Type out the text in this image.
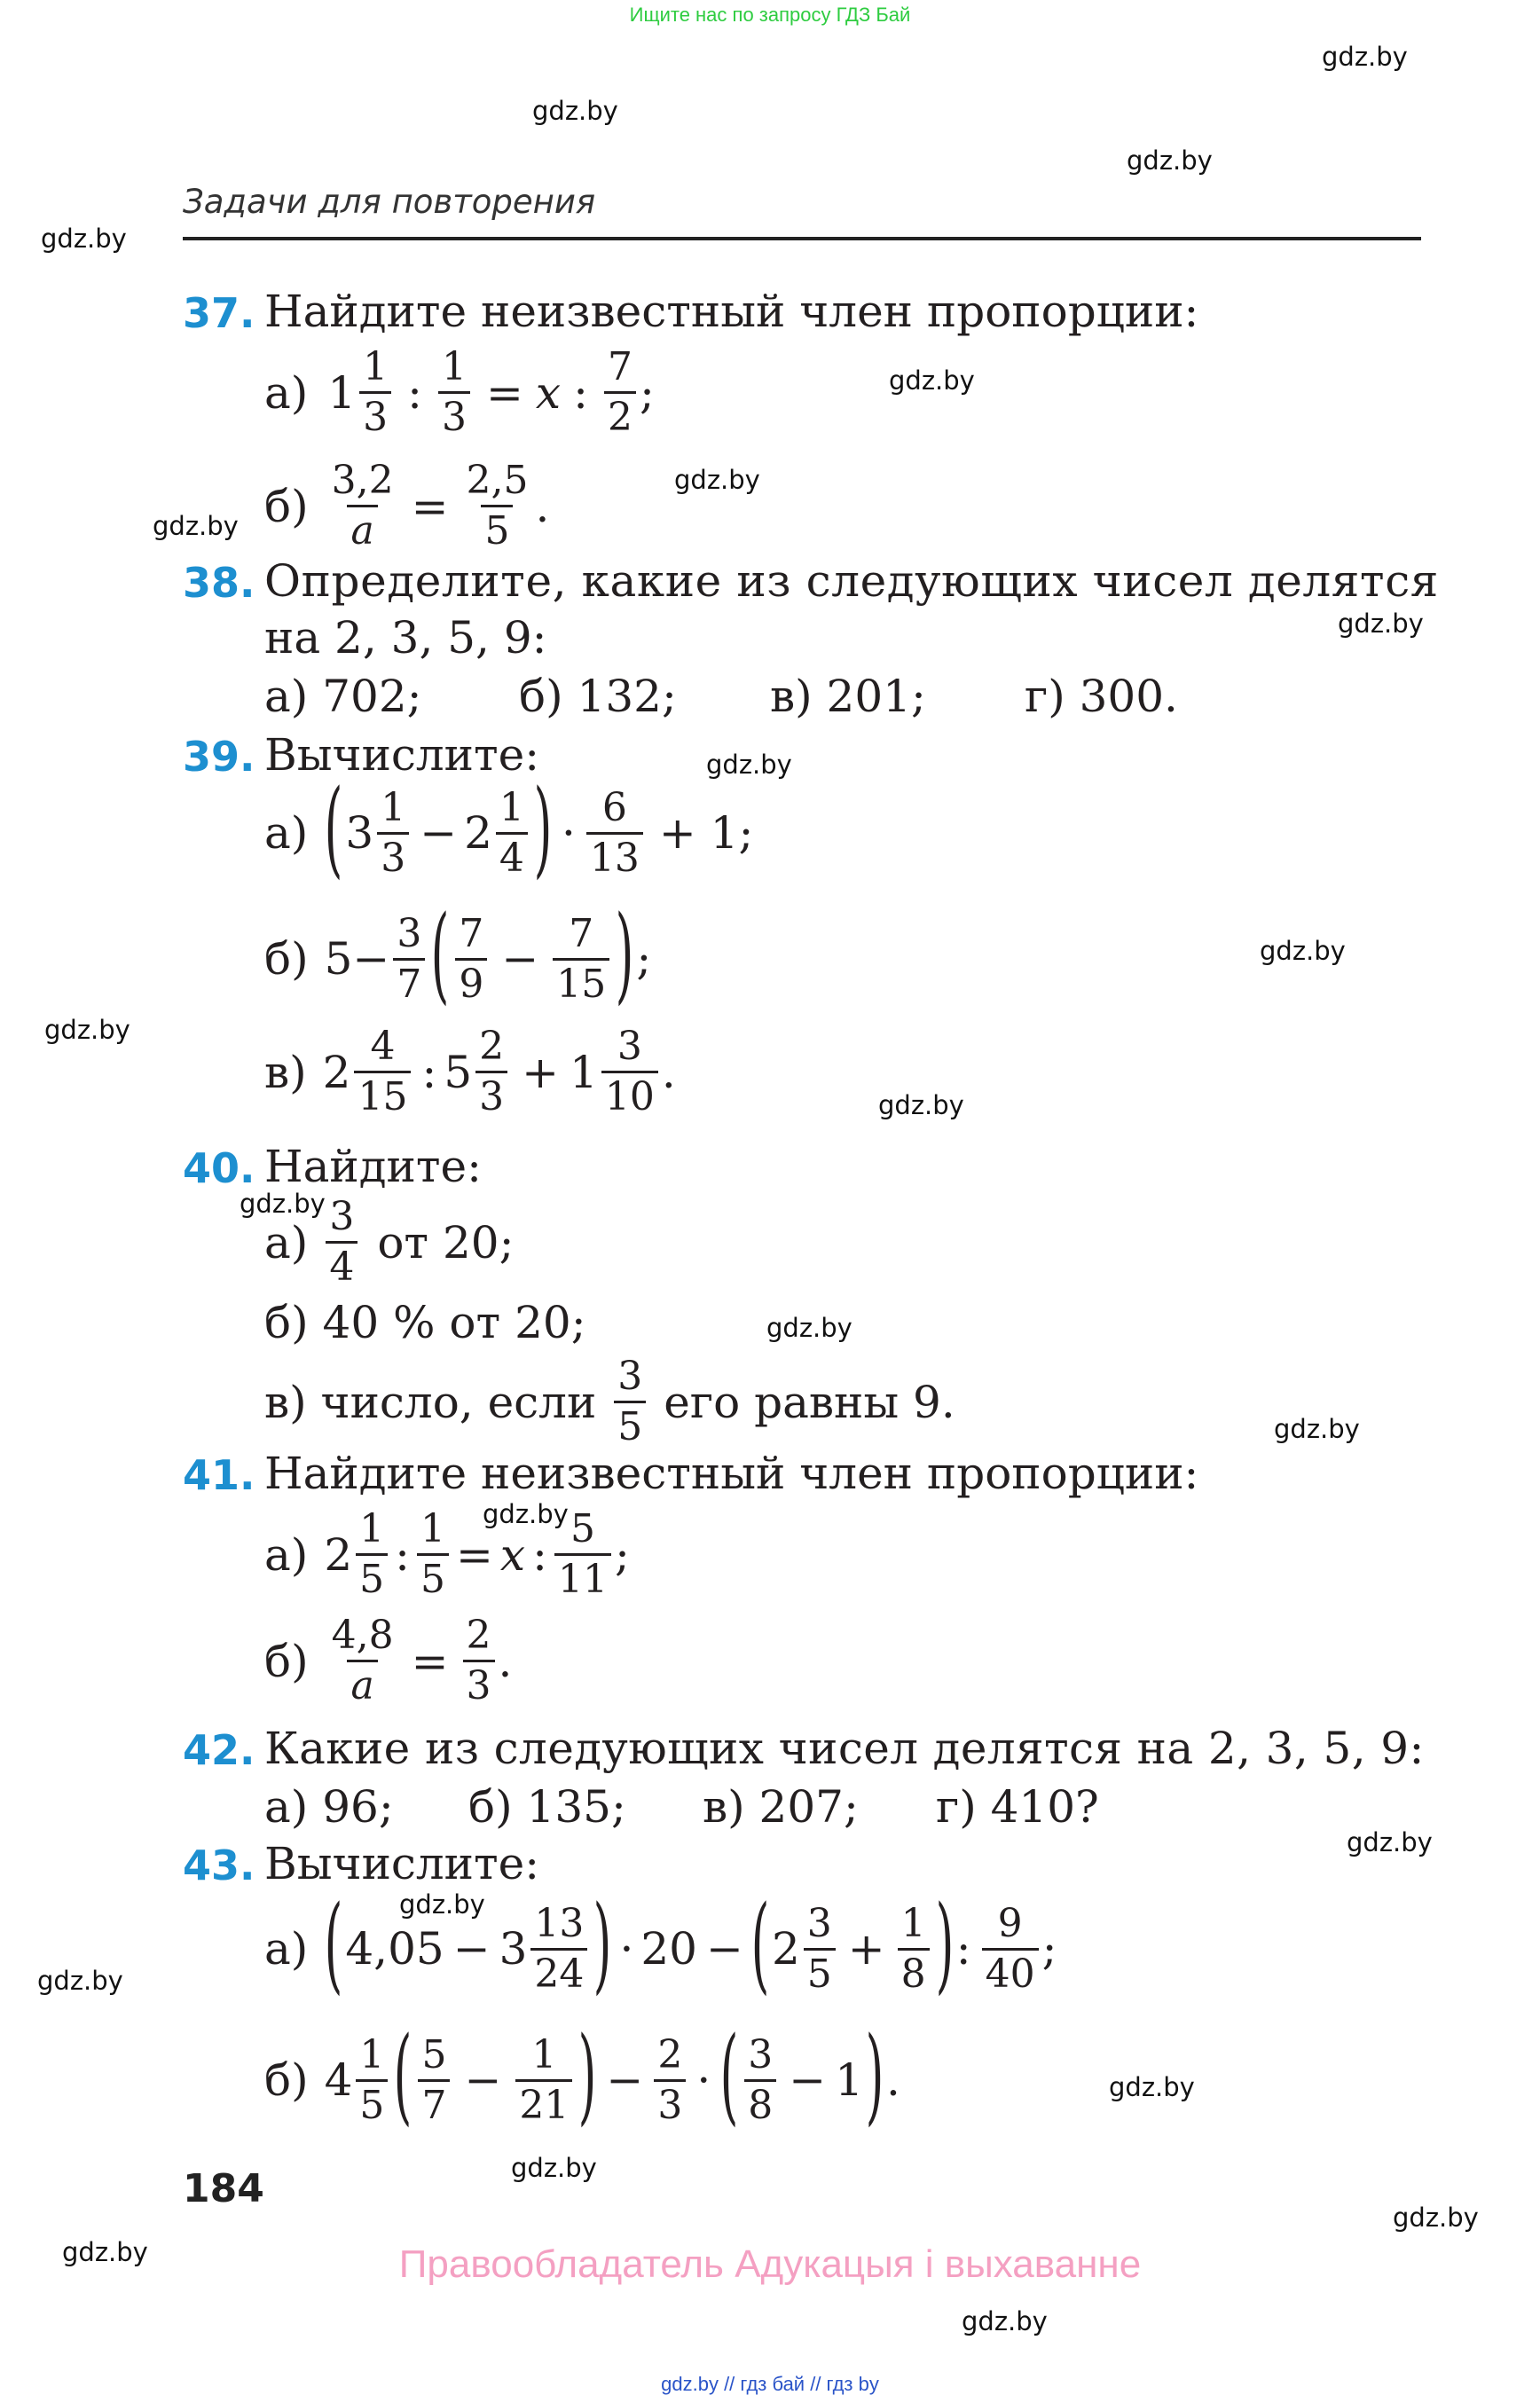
Ищите нас по запросу ГДЗ Бай
gdz.by
gdz.by
gdz.by
gdz.by
gdz.by
gdz.by
gdz.by
gdz.by
gdz.by
gdz.by
gdz.by
gdz.by
gdz.by
gdz.by
gdz.by
gdz.by
gdz.by
gdz.by
gdz.by
gdz.by
gdz.by
gdz.by
gdz.by
gdz.by
Задачи для повторения
37. Найдите неизвестный член пропорции:
а) 1 1
3 : 1
3 = x : 7
2 ;
б) 3,2
a = 2,5
5 .
38. Определите, какие из следующих чисел делятся
на 2, 3, 5, 9:
а) 702; б) 132; в) 201; г) 300.
39. Вычислите:
а) ( 3 1
3 −
2 1
4 ) · 6
13 + 1;
б) 5− 3
7 ( 7
9 − 7
15 ) ;
в) 2 4
15 :
5 2
3 +
1 3
10 .
40. Найдите:
а) 3
4 от 20;
б) 40 % от 20;
в) число, если 3
5 его равны 9.
41. Найдите неизвестный член пропорции:
а) 2 1
5 : 1
5 = x : 5
11 ;
б) 4,8
a = 2
3 .
42. Какие из следующих чисел делятся на 2, 3, 5, 9:
а) 96; б) 135; в) 207; г) 410?
43. Вычислите:
а) ( 4,05 −
3 13
24 ) · 20
− ( 2 3
5 + 1
8 ) : 9
40 ;
б) 4 1
5 ( 5
7 − 1
21 ) − 2
3 · ( 3
8 − 1 ) .
184
Правообладатель Адукацыя і выхаванне
gdz.by // гдз бай // гдз by
